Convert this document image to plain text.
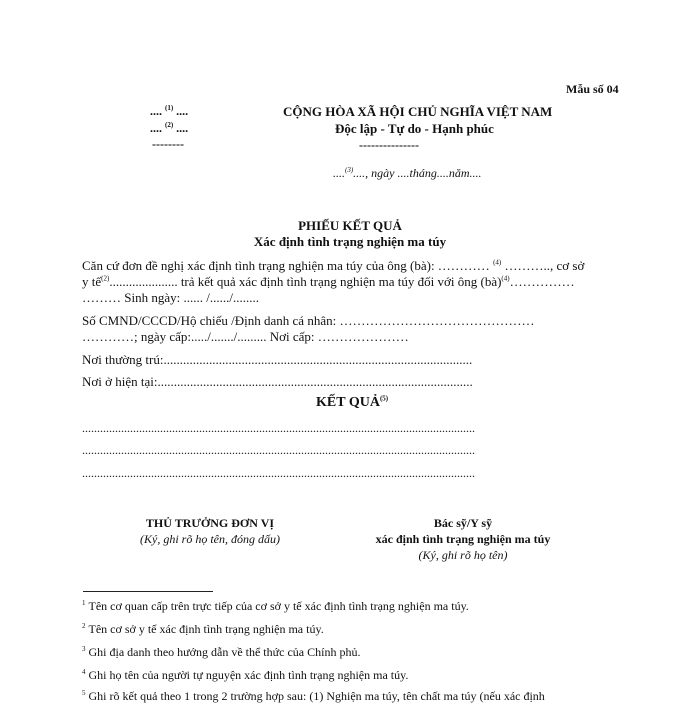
Mẫu số 04
.... $^{(1)}$ ....
.... $^{(2)}$ ....
--------
CỘNG HÒA XÃ HỘI CHỦ NGHĨA VIỆT NAM
Độc lập - Tự do - Hạnh phúc
---------------
....$^{(3)}$...., ngày ....tháng....năm....
PHIẾU KẾT QUẢ
Xác định tình trạng nghiện ma túy
Căn cứ đơn đề nghị xác định tình trạng nghiện ma túy của ông (bà): ………… $^{(4)}$ ……….., cơ sở
y tế$^{(2)}$..................... trả kết quả xác định tình trạng nghiện ma túy đối với ông (bà)$^{(4)}$……………
……… Sinh ngày: ...... /....../........
Số CMND/CCCD/Hộ chiếu /Định danh cá nhân: ………………………………………
…………; ngày cấp:...../......./......... Nơi cấp: …………………
Nơi thường trú:...............................................................................................
Nơi ở hiện tại:.................................................................................................
KẾT QUẢ$^{(5)}$
...................................................................................................................................
...................................................................................................................................
...................................................................................................................................
THỦ TRƯỞNG ĐƠN VỊ
(Ký, ghi rõ họ tên, đóng dấu)
Bác sỹ/Y sỹ
xác định tình trạng nghiện ma túy
(Ký, ghi rõ họ tên)
$^1$ Tên cơ quan cấp trên trực tiếp của cơ sở y tế xác định tình trạng nghiện ma túy.
$^2$ Tên cơ sở y tế xác định tình trạng nghiện ma túy.
$^3$ Ghi địa danh theo hướng dẫn về thể thức của Chính phủ.
$^4$ Ghi họ tên của người tự nguyện xác định tình trạng nghiện ma túy.
$^5$ Ghi rõ kết quả theo 1 trong 2 trường hợp sau: (1) Nghiện ma túy, tên chất ma túy (nếu xác định
